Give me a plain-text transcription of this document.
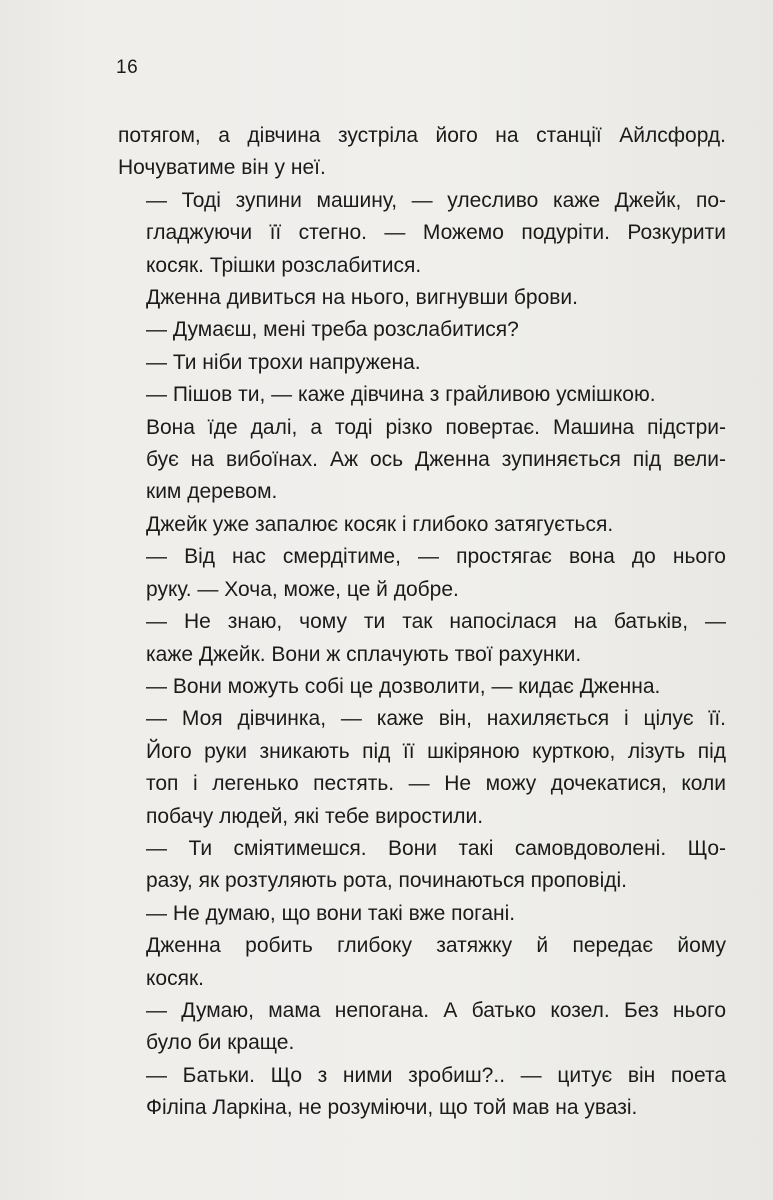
16

потягом, а дівчина зустріла його на станції Айлсфорд.
Ночуватиме він у неї.

— Тоді зупини машину, — улесливо каже Джейк, по-
гладжуючи її стегно. — Можемо подуріти. Розкурити
косяк. Трішки розслабитися.

Дженна дивиться на нього, вигнувши брови.

— Думаєш, мені треба розслабитися?

— Ти ніби трохи напружена.

— Пішов ти, — каже дівчина з грайливою усмішкою.

Вона їде далі, а тоді різко повертає. Машина підстри-
бує на вибоїнах. Аж ось Дженна зупиняється під вели-
ким деревом.

Джейк уже запалює косяк і глибоко затягується.

— Від нас смердітиме, — простягає вона до нього
руку. — Хоча, може, це й добре.

— Не знаю, чому ти так напосілася на батьків, —
каже Джейк. Вони ж сплачують твої рахунки.

— Вони можуть собі це дозволити, — кидає Дженна.

— Моя дівчинка, — каже він, нахиляється і цілує її.
Його руки зникають під її шкіряною курткою, лізуть під
топ і легенько пестять. — Не можу дочекатися, коли
побачу людей, які тебе виростили.

— Ти сміятимешся. Вони такі самовдоволені. Що-
разу, як розтуляють рота, починаються проповіді.

— Не думаю, що вони такі вже погані.

Дженна робить глибоку затяжку й передає йому
косяк.

— Думаю, мама непогана. А батько козел. Без нього
було би краще.

— Батьки. Що з ними зробиш?.. — цитує він поета
Філіпа Ларкіна, не розуміючи, що той мав на увазі.
